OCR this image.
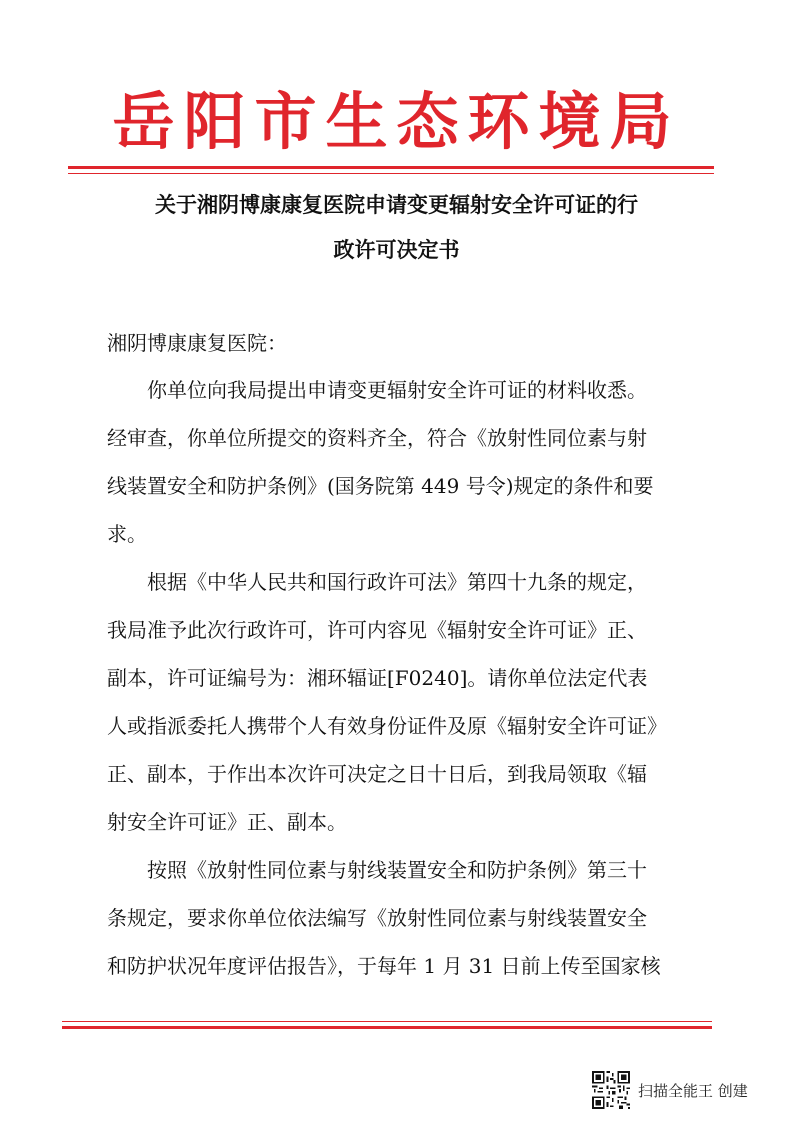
岳阳市生态环境局
关于湘阴博康康复医院申请变更辐射安全许可证的行
政许可决定书
湘阴博康康复医院：
你单位向我局提出申请变更辐射安全许可证的材料收悉。
经审查，你单位所提交的资料齐全，符合《放射性同位素与射
线装置安全和防护条例》(国务院第 449 号令)规定的条件和要
求。
根据《中华人民共和国行政许可法》第四十九条的规定，
我局准予此次行政许可，许可内容见《辐射安全许可证》正、
副本，许可证编号为：湘环辐证[F0240]。请你单位法定代表
人或指派委托人携带个人有效身份证件及原《辐射安全许可证》
正、副本，于作出本次许可决定之日十日后，到我局领取《辐
射安全许可证》正、副本。
按照《放射性同位素与射线装置安全和防护条例》第三十
条规定，要求你单位依法编写《放射性同位素与射线装置安全
和防护状况年度评估报告》，于每年 1 月 31 日前上传至国家核
扫描全能王 创建
